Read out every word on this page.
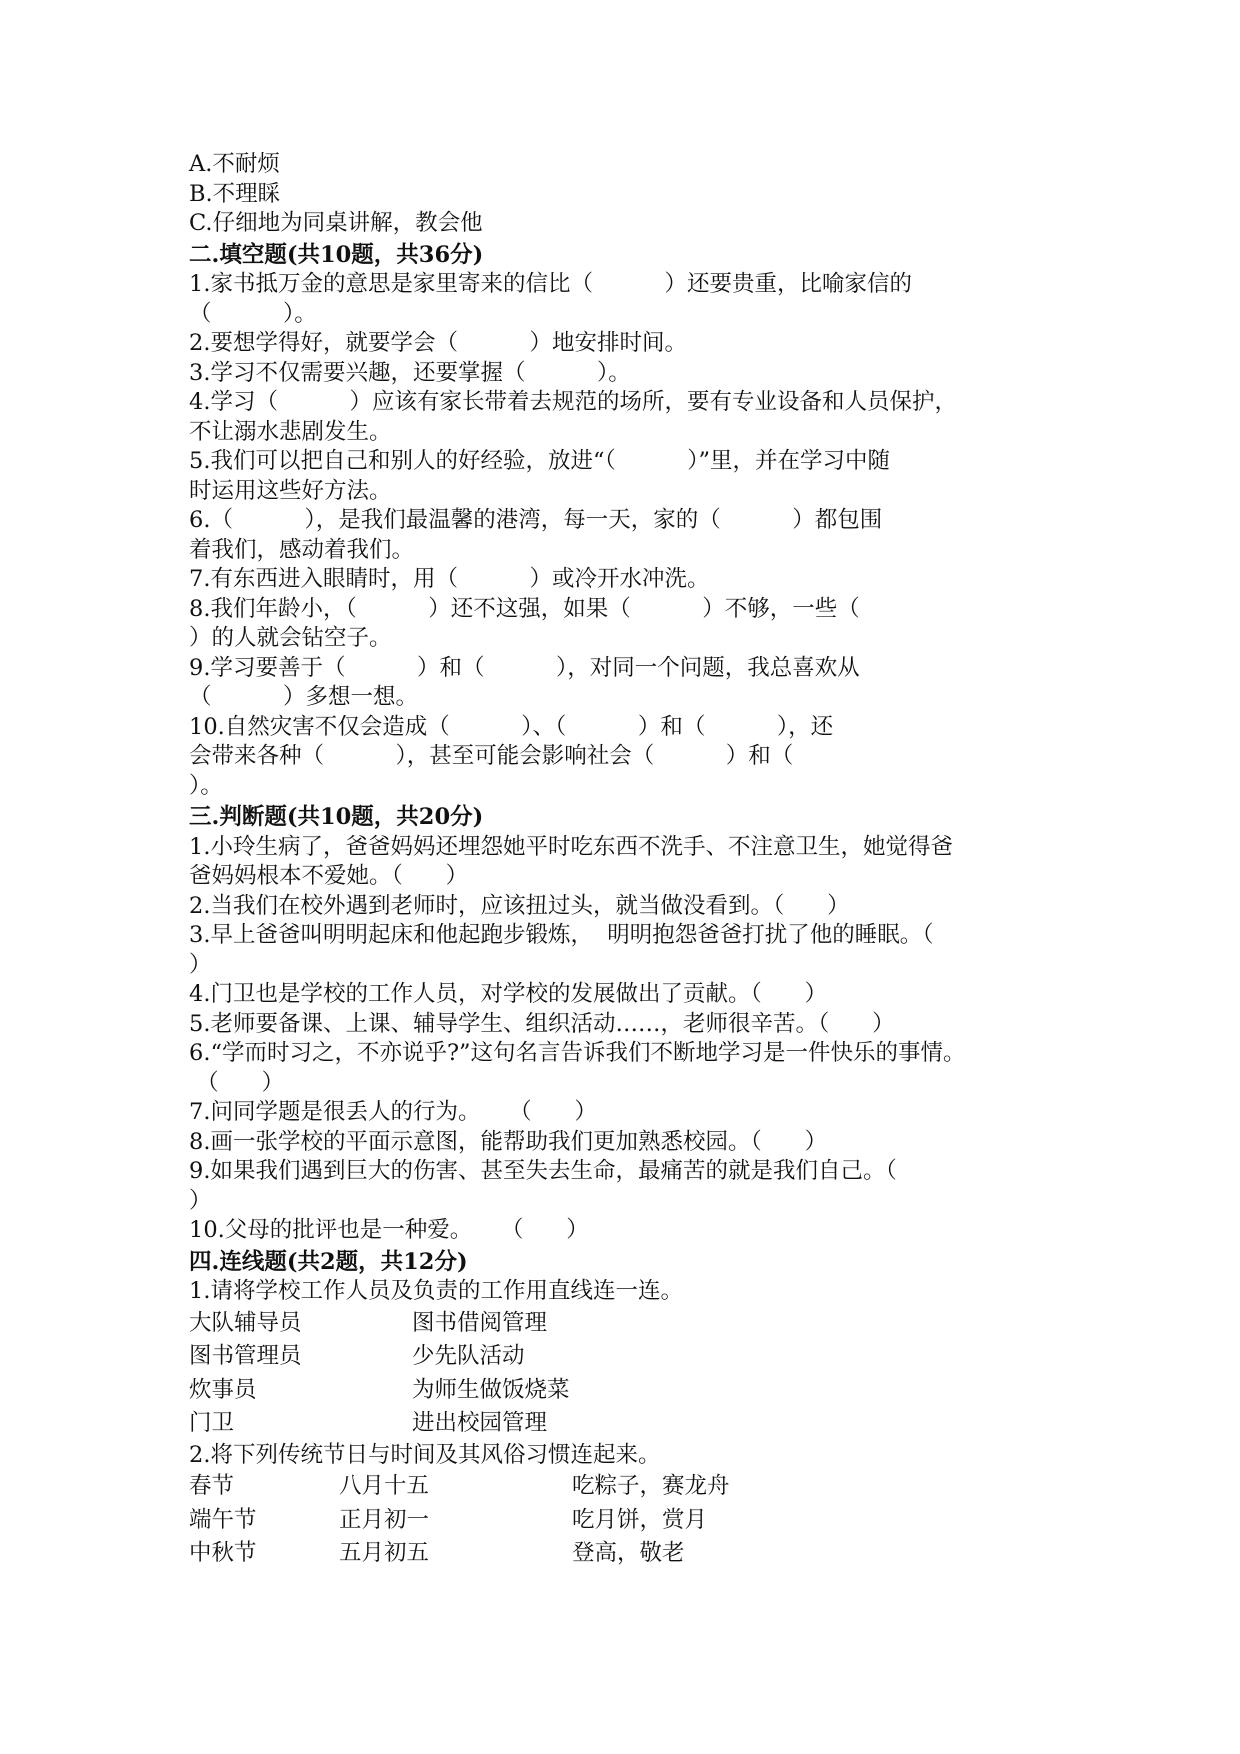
A.不耐烦

B.不理睬

C.仔细地为同桌讲解，教会他

二.填空题(共10题，共36分)

1.家书抵万金的意思是家里寄来的信比（          ）还要贵重，比喻家信的

（          ）。

2.要想学得好，就要学会（          ）地安排时间。

3.学习不仅需要兴趣，还要掌握（          ）。

4.学习（          ）应该有家长带着去规范的场所，要有专业设备和人员保护，

不让溺水悲剧发生。

5.我们可以把自己和别人的好经验，放进“（          ）”里，并在学习中随

时运用这些好方法。

6.（          ），是我们最温馨的港湾，每一天，家的（          ）都包围

着我们，感动着我们。

7.有东西进入眼睛时，用（          ）或冷开水冲洗。

8.我们年龄小，（          ）还不这强，如果（          ）不够，一些（

）的人就会钻空子。

9.学习要善于（          ）和（          ），对同一个问题，我总喜欢从

（          ）多想一想。

10.自然灾害不仅会造成（          ）、（          ）和（          ），还

会带来各种（          ），甚至可能会影响社会（          ）和（

）。

三.判断题(共10题，共20分)

1.小玲生病了，爸爸妈妈还埋怨她平时吃东西不洗手、不注意卫生，她觉得爸

爸妈妈根本不爱她。（      ）

2.当我们在校外遇到老师时，应该扭过头，就当做没看到。（      ）

3.早上爸爸叫明明起床和他起跑步锻炼，  明明抱怨爸爸打扰了他的睡眠。（

）

4.门卫也是学校的工作人员，对学校的发展做出了贡献。（      ）

5.老师要备课、上课、辅导学生、组织活动……，老师很辛苦。（      ）

6.“学而时习之，不亦说乎?”这句名言告诉我们不断地学习是一件快乐的事情。

（      ）

7.问同学题是很丢人的行为。    （      ）

8.画一张学校的平面示意图，能帮助我们更加熟悉校园。（      ）

9.如果我们遇到巨大的伤害、甚至失去生命，最痛苦的就是我们自己。（

）

10.父母的批评也是一种爱。    （      ）

四.连线题(共2题，共12分)

1.请将学校工作人员及负责的工作用直线连一连。

大队辅导员	图书借阅管理
图书管理员	少先队活动
炊事员	为师生做饭烧菜
门卫	进出校园管理

2.将下列传统节日与时间及其风俗习惯连起来。

春节	八月十五	吃粽子，赛龙舟
端午节	正月初一	吃月饼，赏月
中秋节	五月初五	登高，敬老
